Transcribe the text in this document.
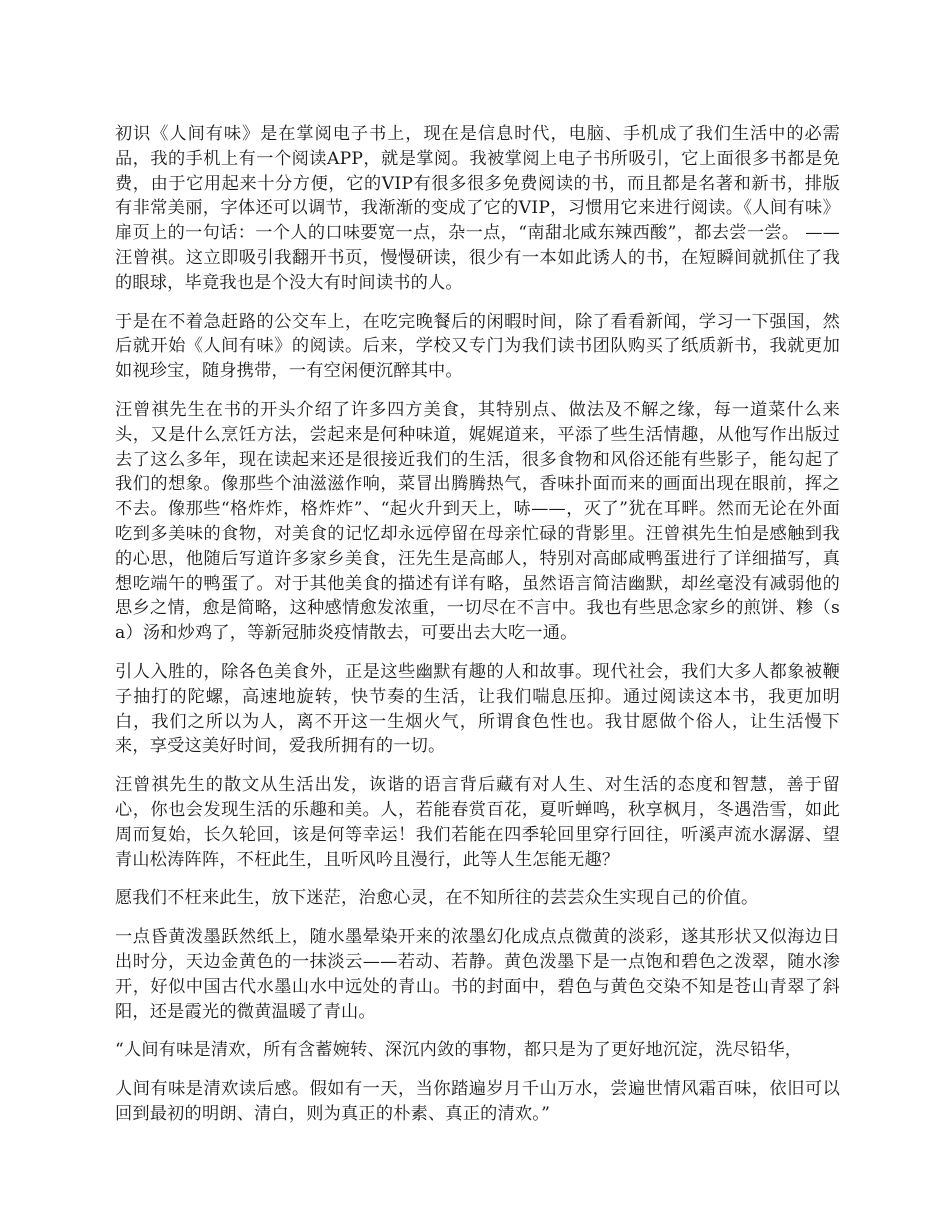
初识《人间有味》是在掌阅电子书上，现在是信息时代，电脑、手机成了我们生活中的必需品，我的手机上有一个阅读APP，就是掌阅。我被掌阅上电子书所吸引，它上面很多书都是免费，由于它用起来十分方便，它的VIP有很多很多免费阅读的书，而且都是名著和新书，排版有非常美丽，字体还可以调节，我渐渐的变成了它的VIP，习惯用它来进行阅读。《人间有味》扉页上的一句话：一个人的口味要宽一点，杂一点，“南甜北咸东辣西酸”，都去尝一尝。 ——汪曾祺。这立即吸引我翻开书页，慢慢研读，很少有一本如此诱人的书，在短瞬间就抓住了我的眼球，毕竟我也是个没大有时间读书的人。

于是在不着急赶路的公交车上，在吃完晚餐后的闲暇时间，除了看看新闻，学习一下强国，然后就开始《人间有味》的阅读。后来，学校又专门为我们读书团队购买了纸质新书，我就更加如视珍宝，随身携带，一有空闲便沉醉其中。

汪曾祺先生在书的开头介绍了许多四方美食，其特别点、做法及不解之缘，每一道菜什么来头，又是什么烹饪方法，尝起来是何种味道，娓娓道来，平添了些生活情趣，从他写作出版过去了这么多年，现在读起来还是很接近我们的生活，很多食物和风俗还能有些影子，能勾起了我们的想象。像那些个油滋滋作响，菜冒出腾腾热气，香味扑面而来的画面出现在眼前，挥之不去。像那些“格炸炸，格炸炸”、“起火升到天上，哧——，灭了”犹在耳畔。然而无论在外面吃到多美味的食物，对美食的记忆却永远停留在母亲忙碌的背影里。汪曾祺先生怕是感触到我的心思，他随后写道许多家乡美食，汪先生是高邮人，特别对高邮咸鸭蛋进行了详细描写，真想吃端午的鸭蛋了。对于其他美食的描述有详有略，虽然语言简洁幽默，却丝毫没有减弱他的思乡之情，愈是简略，这种感情愈发浓重，一切尽在不言中。我也有些思念家乡的煎饼、糁（sa）汤和炒鸡了，等新冠肺炎疫情散去，可要出去大吃一通。

引人入胜的，除各色美食外，正是这些幽默有趣的人和故事。现代社会，我们大多人都象被鞭子抽打的陀螺，高速地旋转，快节奏的生活，让我们喘息压抑。通过阅读这本书，我更加明白，我们之所以为人，离不开这一生烟火气，所谓食色性也。我甘愿做个俗人，让生活慢下来，享受这美好时间，爱我所拥有的一切。

汪曾祺先生的散文从生活出发，诙谐的语言背后藏有对人生、对生活的态度和智慧，善于留心，你也会发现生活的乐趣和美。人，若能春赏百花，夏听蝉鸣，秋享枫月，冬遇浩雪，如此周而复始，长久轮回，该是何等幸运！我们若能在四季轮回里穿行回往，听溪声流水潺潺、望青山松涛阵阵，不枉此生，且听风吟且漫行，此等人生怎能无趣？

愿我们不枉来此生，放下迷茫，治愈心灵，在不知所往的芸芸众生实现自己的价值。

一点昏黄泼墨跃然纸上，随水墨晕染开来的浓墨幻化成点点微黄的淡彩，遂其形状又似海边日出时分，天边金黄色的一抹淡云——若动、若静。黄色泼墨下是一点饱和碧色之泼翠，随水渗开，好似中国古代水墨山水中远处的青山。书的封面中，碧色与黄色交染不知是苍山青翠了斜阳，还是霞光的微黄温暖了青山。

“人间有味是清欢，所有含蓄婉转、深沉内敛的事物，都只是为了更好地沉淀，洗尽铅华，

人间有味是清欢读后感。假如有一天，当你踏遍岁月千山万水，尝遍世情风霜百味，依旧可以回到最初的明朗、清白，则为真正的朴素、真正的清欢。”
